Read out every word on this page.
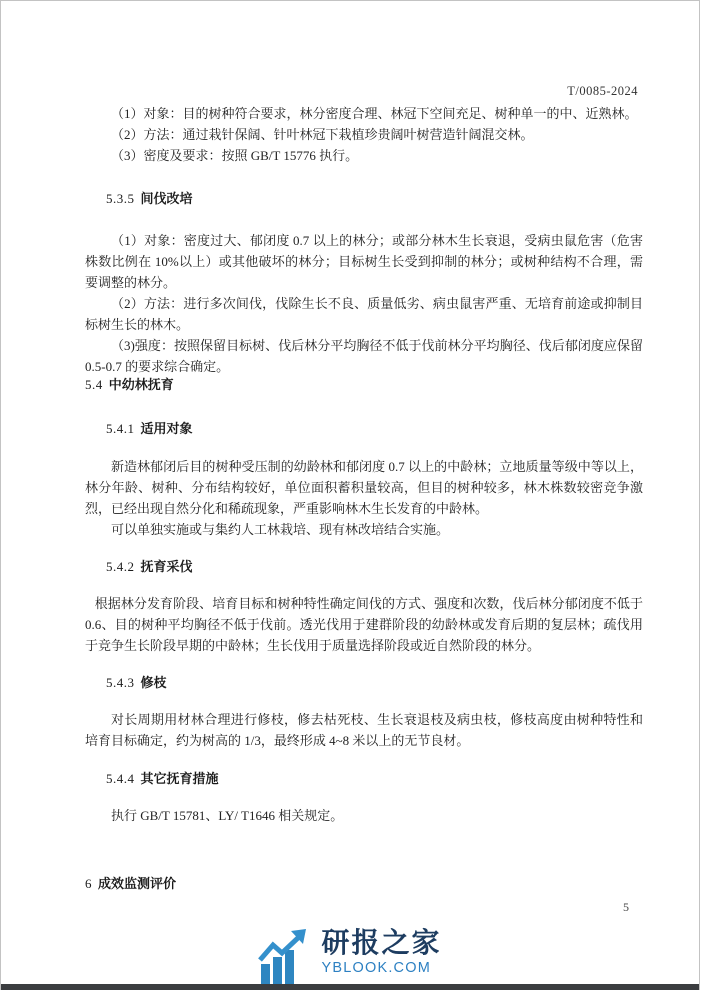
T/0085-2024
（1）对象：目的树种符合要求，林分密度合理、林冠下空间充足、树种单一的中、近熟林。
（2）方法：通过栽针保阔、针叶林冠下栽植珍贵阔叶树营造针阔混交林。
（3）密度及要求：按照 GB/T 15776 执行。
5.3.5 间伐改培
（1）对象：密度过大、郁闭度 0.7 以上的林分；或部分林木生长衰退，受病虫鼠危害（危害株数比例在 10%以上）或其他破坏的林分；目标树生长受到抑制的林分；或树种结构不合理，需要调整的林分。
（2）方法：进行多次间伐，伐除生长不良、质量低劣、病虫鼠害严重、无培育前途或抑制目标树生长的林木。
（3)强度：按照保留目标树、伐后林分平均胸径不低于伐前林分平均胸径、伐后郁闭度应保留 0.5-0.7 的要求综合确定。
5.4 中幼林抚育
5.4.1 适用对象
新造林郁闭后目的树种受压制的幼龄林和郁闭度 0.7 以上的中龄林；立地质量等级中等以上，林分年龄、树种、分布结构较好，单位面积蓄积量较高，但目的树种较多，林木株数较密竞争激烈，已经出现自然分化和稀疏现象，严重影响林木生长发育的中龄林。
可以单独实施或与集约人工林栽培、现有林改培结合实施。
5.4.2 抚育采伐
根据林分发育阶段、培育目标和树种特性确定间伐的方式、强度和次数，伐后林分郁闭度不低于 0.6、目的树种平均胸径不低于伐前。透光伐用于建群阶段的幼龄林或发育后期的复层林；疏伐用于竞争生长阶段早期的中龄林；生长伐用于质量选择阶段或近自然阶段的林分。
5.4.3 修枝
对长周期用材林合理进行修枝，修去枯死枝、生长衰退枝及病虫枝，修枝高度由树种特性和培育目标确定，约为树高的 1/3，最终形成 4~8 米以上的无节良材。
5.4.4 其它抚育措施
执行 GB/T 15781、LY/ T1646 相关规定。
6 成效监测评价
5
研报之家
YBLOOK.COM
